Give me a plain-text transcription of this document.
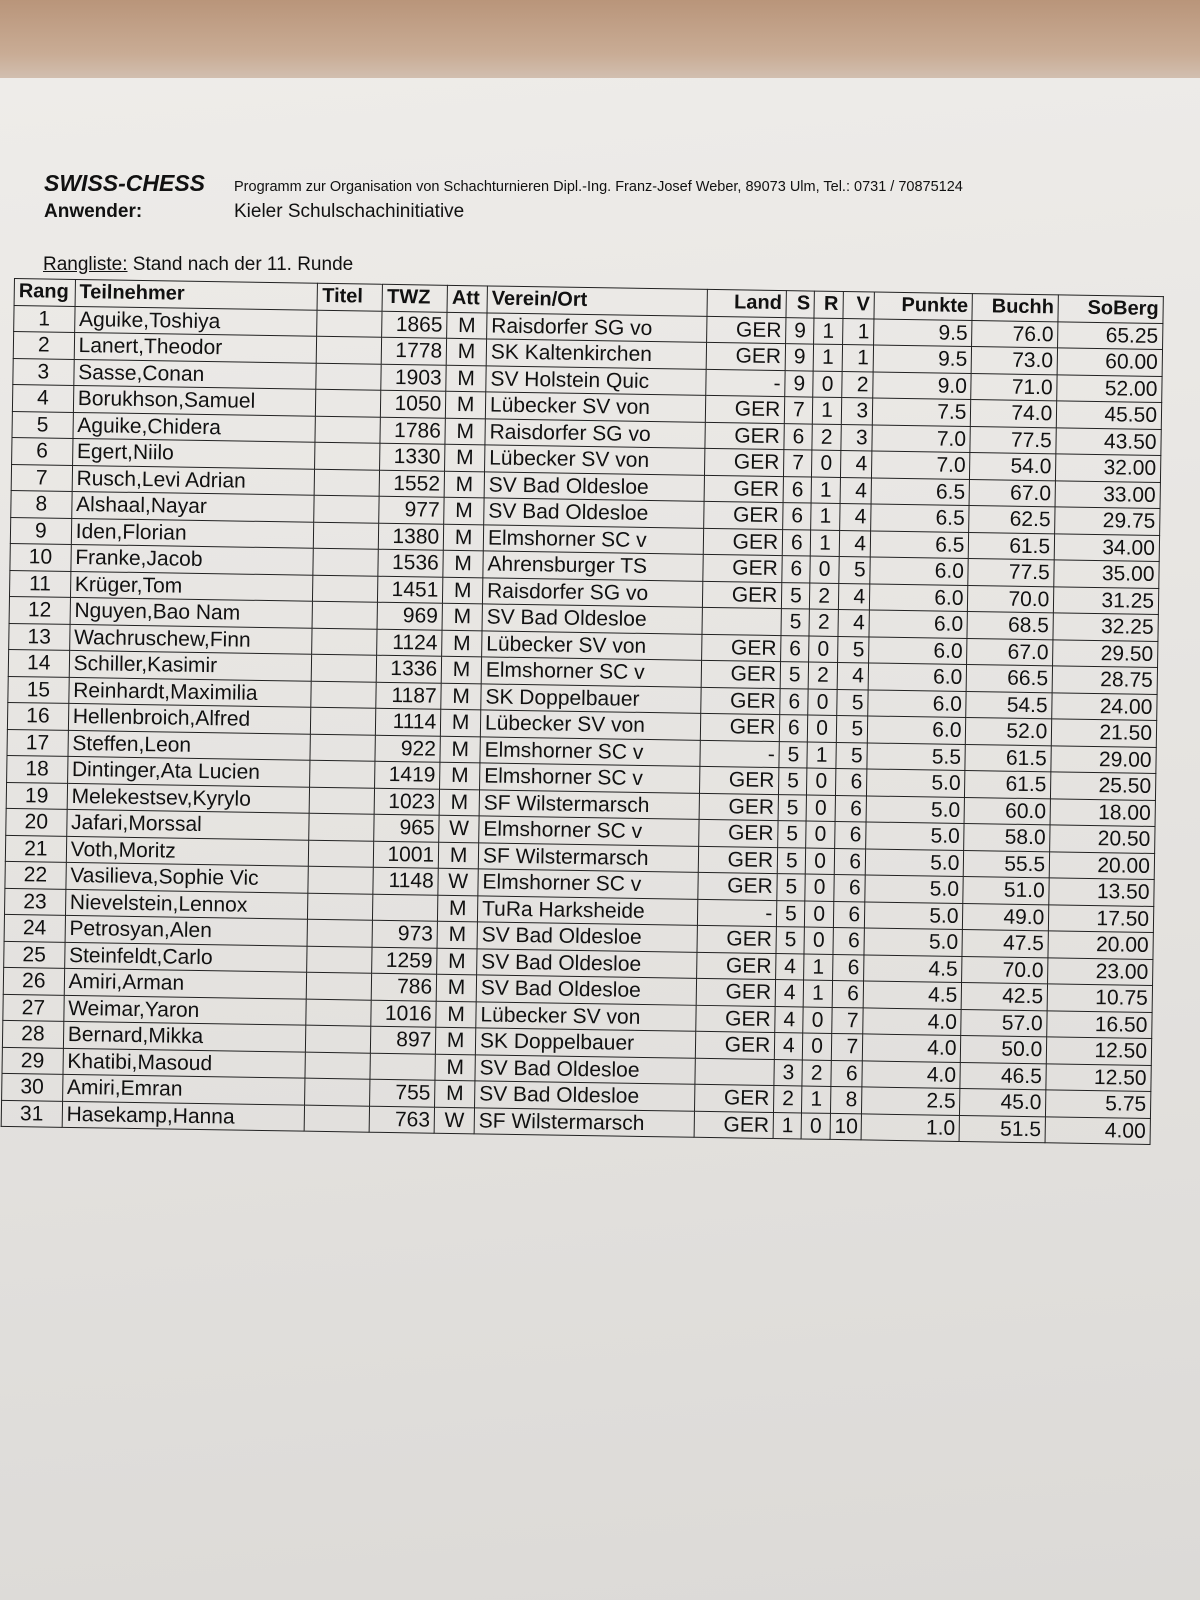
SWISS-CHESS	Programm zur Organisation von Schachturnieren Dipl.-Ing. Franz-Josef Weber, 89073 Ulm, Tel.: 0731 / 70875124
Anwender:	Kieler Schulschachinitiative
Rangliste: Stand nach der 11. Runde
Rang	Teilnehmer	Titel	TWZ	Att	Verein/Ort	Land	S	R	V	Punkte	Buchh	SoBerg
1	Aguike,Toshiya		1865	M	Raisdorfer SG vo	GER	9	1	1	9.5	76.0	65.25
2	Lanert,Theodor		1778	M	SK Kaltenkirchen	GER	9	1	1	9.5	73.0	60.00
3	Sasse,Conan		1903	M	SV Holstein Quic	-	9	0	2	9.0	71.0	52.00
4	Borukhson,Samuel		1050	M	Lübecker SV von	GER	7	1	3	7.5	74.0	45.50
5	Aguike,Chidera		1786	M	Raisdorfer SG vo	GER	6	2	3	7.0	77.5	43.50
6	Egert,Niilo		1330	M	Lübecker SV von	GER	7	0	4	7.0	54.0	32.00
7	Rusch,Levi Adrian		1552	M	SV Bad Oldesloe	GER	6	1	4	6.5	67.0	33.00
8	Alshaal,Nayar		977	M	SV Bad Oldesloe	GER	6	1	4	6.5	62.5	29.75
9	Iden,Florian		1380	M	Elmshorner SC v	GER	6	1	4	6.5	61.5	34.00
10	Franke,Jacob		1536	M	Ahrensburger TS	GER	6	0	5	6.0	77.5	35.00
11	Krüger,Tom		1451	M	Raisdorfer SG vo	GER	5	2	4	6.0	70.0	31.25
12	Nguyen,Bao Nam		969	M	SV Bad Oldesloe		5	2	4	6.0	68.5	32.25
13	Wachruschew,Finn		1124	M	Lübecker SV von	GER	6	0	5	6.0	67.0	29.50
14	Schiller,Kasimir		1336	M	Elmshorner SC v	GER	5	2	4	6.0	66.5	28.75
15	Reinhardt,Maximilia		1187	M	SK Doppelbauer	GER	6	0	5	6.0	54.5	24.00
16	Hellenbroich,Alfred		1114	M	Lübecker SV von	GER	6	0	5	6.0	52.0	21.50
17	Steffen,Leon		922	M	Elmshorner SC v	-	5	1	5	5.5	61.5	29.00
18	Dintinger,Ata Lucien		1419	M	Elmshorner SC v	GER	5	0	6	5.0	61.5	25.50
19	Melekestsev,Kyrylo		1023	M	SF Wilstermarsch	GER	5	0	6	5.0	60.0	18.00
20	Jafari,Morssal		965	W	Elmshorner SC v	GER	5	0	6	5.0	58.0	20.50
21	Voth,Moritz		1001	M	SF Wilstermarsch	GER	5	0	6	5.0	55.5	20.00
22	Vasilieva,Sophie Vic		1148	W	Elmshorner SC v	GER	5	0	6	5.0	51.0	13.50
23	Nievelstein,Lennox			M	TuRa Harksheide	-	5	0	6	5.0	49.0	17.50
24	Petrosyan,Alen		973	M	SV Bad Oldesloe	GER	5	0	6	5.0	47.5	20.00
25	Steinfeldt,Carlo		1259	M	SV Bad Oldesloe	GER	4	1	6	4.5	70.0	23.00
26	Amiri,Arman		786	M	SV Bad Oldesloe	GER	4	1	6	4.5	42.5	10.75
27	Weimar,Yaron		1016	M	Lübecker SV von	GER	4	0	7	4.0	57.0	16.50
28	Bernard,Mikka		897	M	SK Doppelbauer	GER	4	0	7	4.0	50.0	12.50
29	Khatibi,Masoud			M	SV Bad Oldesloe		3	2	6	4.0	46.5	12.50
30	Amiri,Emran		755	M	SV Bad Oldesloe	GER	2	1	8	2.5	45.0	5.75
31	Hasekamp,Hanna		763	W	SF Wilstermarsch	GER	1	0	10	1.0	51.5	4.00
